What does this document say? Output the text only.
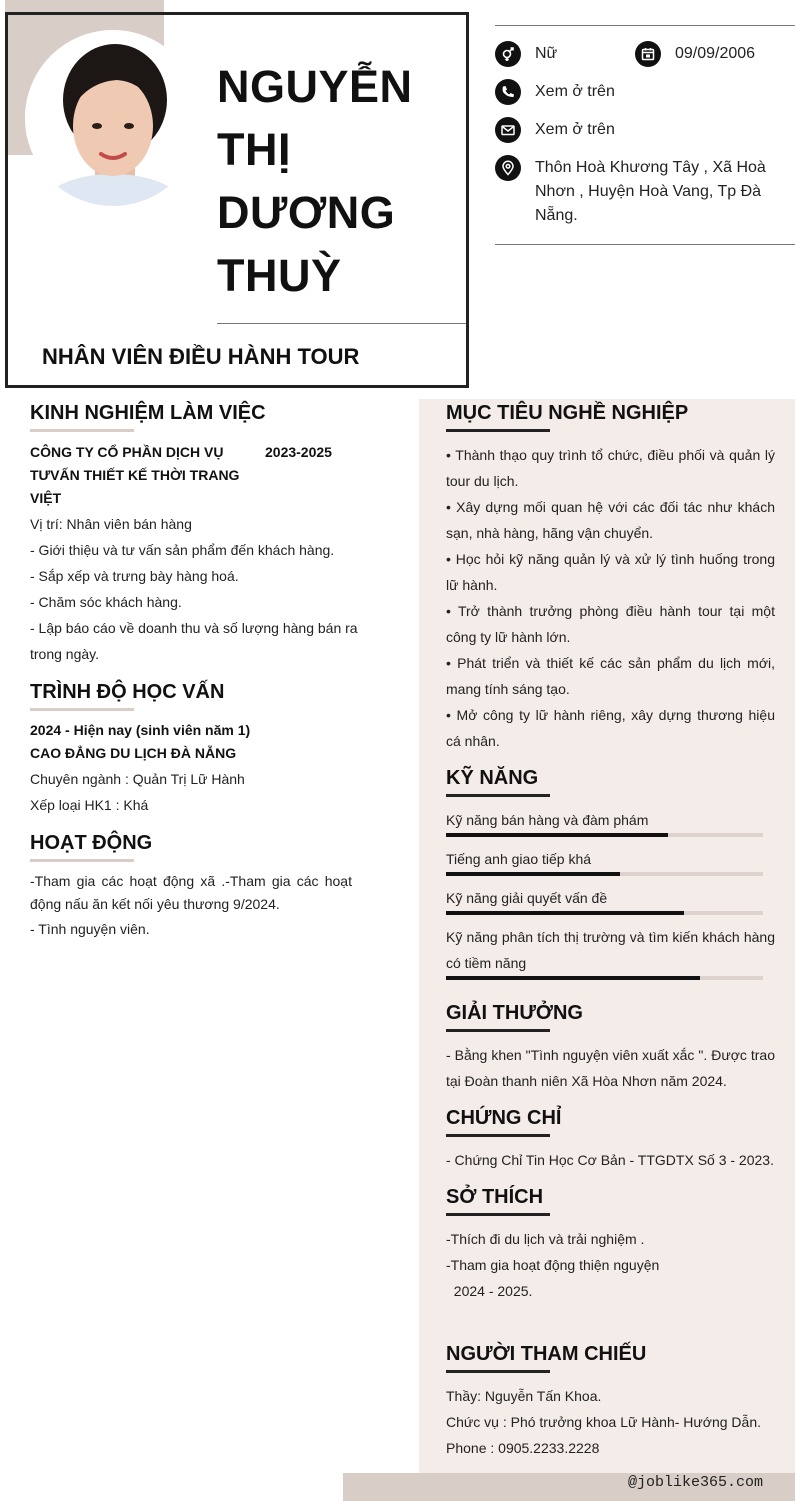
NGUYỄN
THỊ
DƯƠNG
THUỲ
NHÂN VIÊN ĐIỀU HÀNH TOUR
Nữ	09/09/2006
Xem ở trên
Xem ở trên
Thôn Hoà Khương Tây , Xã Hoà Nhơn , Huyện Hoà Vang, Tp Đà Nẵng.
KINH NGHIỆM LÀM VIỆC
CÔNG TY CỔ PHẦN DỊCH VỤ TƯVẤN THIẾT KẾ THỜI TRANG VIỆT
2023-2025
Vị trí: Nhân viên bán hàng
- Giới thiệu và tư vấn sản phẩm đến khách hàng.
- Sắp xếp và trưng bày hàng hoá.
- Chăm sóc khách hàng.
- Lập báo cáo về doanh thu và số lượng hàng bán ra trong ngày.
TRÌNH ĐỘ HỌC VẤN
2024 - Hiện nay (sinh viên năm 1)
CAO ĐẲNG DU LỊCH ĐÀ NẴNG
Chuyên ngành : Quản Trị Lữ Hành
Xếp loại HK1 : Khá
HOẠT ĐỘNG
-Tham gia các hoạt động xã .-Tham gia các hoạt động nấu ăn kết nối yêu thương 9/2024.
- Tình nguyện viên.
MỤC TIÊU NGHỀ NGHIỆP
• Thành thạo quy trình tổ chức, điều phối và quản lý tour du lịch.
• Xây dựng mối quan hệ với các đối tác như khách sạn, nhà hàng, hãng vận chuyển.
• Học hỏi kỹ năng quản lý và xử lý tình huống trong lữ hành.
• Trở thành trưởng phòng điều hành tour tại một công ty lữ hành lớn.
• Phát triển và thiết kế các sản phẩm du lịch mới, mang tính sáng tạo.
• Mở công ty lữ hành riêng, xây dựng thương hiệu cá nhân.
KỸ NĂNG
Kỹ năng bán hàng và đàm phám
Tiếng anh giao tiếp khá
Kỹ năng giải quyết vấn đề
Kỹ năng phân tích thị trường và tìm kiến khách hàng có tiềm năng
GIẢI THƯỞNG
- Bằng khen "Tình nguyện viên xuất xắc ". Được trao tại Đoàn thanh niên Xã Hòa Nhơn năm 2024.
CHỨNG CHỈ
- Chứng Chỉ Tin Học Cơ Bản - TTGDTX Số 3 - 2023.
SỞ THÍCH
-Thích đi du lịch và trải nghiệm .
-Tham gia hoạt động thiện nguyện
2024 - 2025.
NGƯỜI THAM CHIẾU
Thầy: Nguyễn Tấn Khoa.
Chức vụ : Phó trưởng khoa Lữ Hành- Hướng Dẫn.
Phone : 0905.2233.2228
@joblike365.com
